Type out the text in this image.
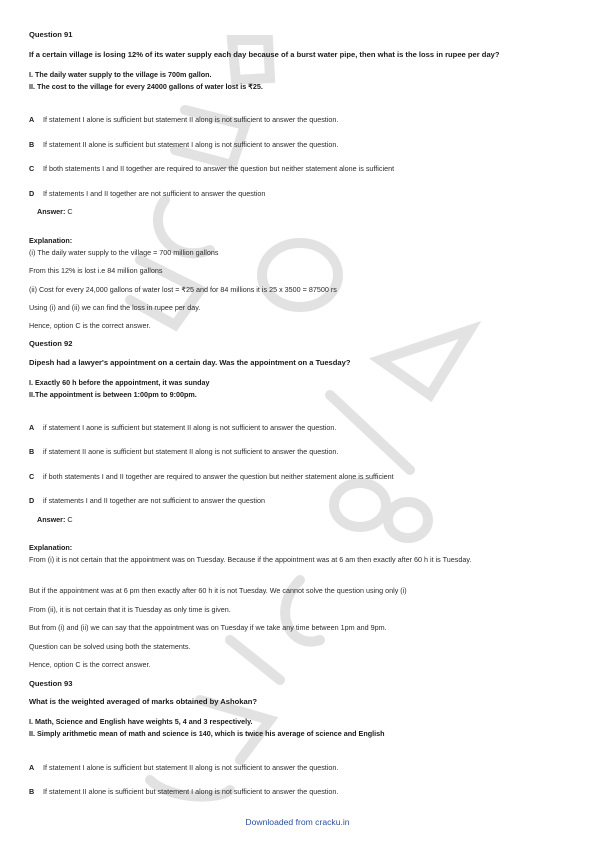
Question 91
If a certain village is losing 12% of its water supply each day because of a burst water pipe, then what is the loss in rupee per day?
I. The daily water supply to the village is 700m gallon.
II. The cost to the village for every 24000 gallons of water lost is ₹25.
A If statement I alone is sufficient but statement II along is not sufficient to answer the question.
B If statement II alone is sufficient but statement I along is not sufficient to answer the question.
C If both statements I and II together are required to answer the question but neither statement alone is sufficient
D If statements I and II together are not sufficient to answer the question
Answer: C
Explanation:
(i) The daily water supply to the village = 700 million gallons
From this 12% is lost i.e 84 million gallons
(ii) Cost for every 24,000 gallons of water lost = ₹25 and for 84 millions it is 25 x 3500 = 87500 rs
Using (i) and (ii) we can find the loss in rupee per day.
Hence, option C is the correct answer.
Question 92
Dipesh had a lawyer's appointment on a certain day. Was the appointment on a Tuesday?
I. Exactly 60 h before the appointment, it was sunday
II.The appointment is between 1:00pm to 9:00pm.
A if statement I aone is sufficient but statement II along is not sufficient to answer the question.
B if statement II aone is sufficient but statement II along is not sufficient to answer the question.
C if both statements I and II together are required to answer the question but neither statement alone is sufficient
D if statements I and II together are not sufficient to answer the question
Answer: C
Explanation:
From (i) it is not certain that the appointment was on Tuesday. Because if the appointment was at 6 am then exactly after 60 h it is Tuesday.
But if the appointment was at 6 pm then exactly after 60 h it is not Tuesday. We cannot solve the question using only (i)
From (ii), it is not certain that it is Tuesday as only time is given.
But from (i) and (ii) we can say that the appointment was on Tuesday if we take any time between 1pm and 9pm.
Question can be solved using both the statements.
Hence, option C is the correct answer.
Question 93
What is the weighted averaged of marks obtained by Ashokan?
I. Math, Science and English have weights 5, 4 and 3 respectively.
II. Simply arithmetic mean of math and science is 140, which is twice his average of science and English
A If statement I alone is sufficient but statement II along is not sufficient to answer the question.
B If statement II alone is sufficient but statement I along is not sufficient to answer the question.
Downloaded from cracku.in
